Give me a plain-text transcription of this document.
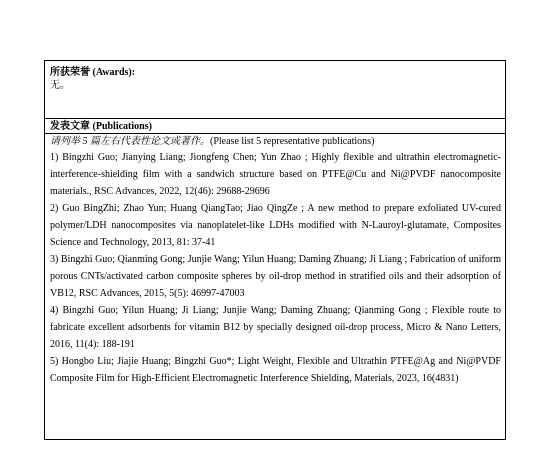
所获荣誉 (Awards):
无。
发表文章 (Publications)
请列举 5 篇左右代表性论文或著作。(Please list 5 representative publications)

1) Bingzhi Guo; Jianying Liang; Jiongfeng Chen; Yun Zhao ; Highly flexible and ultrathin electromagnetic-interference-shielding film with a sandwich structure based on PTFE@Cu and Ni@PVDF nanocomposite materials., RSC Advances, 2022, 12(46): 29688-29696

2) Guo BingZhi; Zhao Yun; Huang QiangTao; Jiao QingZe ; A new method to prepare exfoliated UV-cured polymer/LDH nanocomposites via nanoplatelet-like LDHs modified with N-Lauroyl-glutamate, Composites Science and Technology, 2013, 81: 37-41

3) Bingzhi Guo; Qianming Gong; Junjie Wang; Yilun Huang; Daming Zhuang; Ji Liang ; Fabrication of uniform porous CNTs/activated carbon composite spheres by oil-drop method in stratified oils and their adsorption of VB12, RSC Advances, 2015, 5(5): 46997-47003

4) Bingzhi Guo; Yilun Huang; Ji Liang; Junjie Wang; Daming Zhuang; Qianming Gong ; Flexible route to fabricate excellent adsorbents for vitamin B12 by specially designed oil-drop process, Micro & Nano Letters, 2016, 11(4): 188-191

5) Hongbo Liu; Jiajie Huang; Bingzhi Guo*; Light Weight, Flexible and Ultrathin PTFE@Ag and Ni@PVDF Composite Film for High-Efficient Electromagnetic Interference Shielding, Materials, 2023, 16(4831)
